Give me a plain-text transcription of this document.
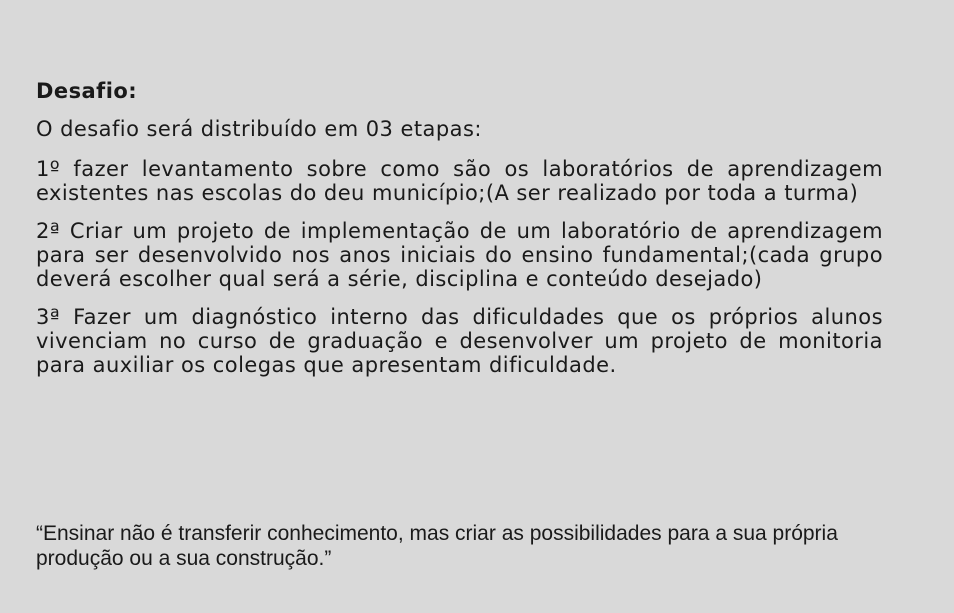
Desafio:
O desafio será distribuído em 03 etapas:
1º fazer levantamento sobre como são os laboratórios de aprendizagem existentes nas escolas do deu município;(A ser realizado por toda a turma)
2ª Criar um projeto de implementação de um laboratório de aprendizagem para ser desenvolvido nos anos iniciais do ensino fundamental;(cada grupo deverá escolher qual será a série, disciplina e conteúdo desejado)
3ª Fazer um diagnóstico interno das dificuldades que os próprios alunos vivenciam no curso de graduação e desenvolver um projeto de monitoria para auxiliar os colegas que apresentam dificuldade.

“Ensinar não é transferir conhecimento, mas criar as possibilidades para a sua própria produção ou a sua construção.”
